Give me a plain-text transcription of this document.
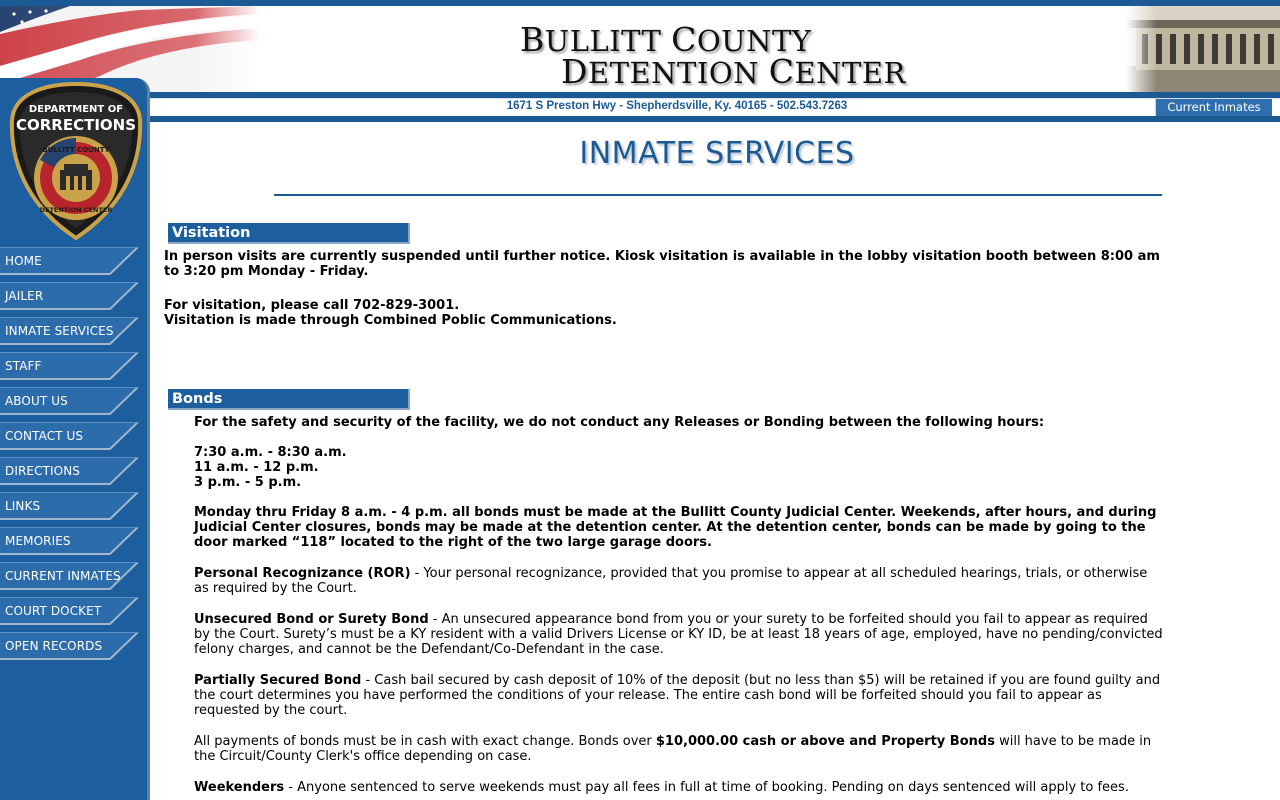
BULLITT COUNTY
DETENTION CENTER
1671 S Preston Hwy - Shepherdsville, Ky. 40165 - 502.543.7263	Current Inmates
DEPARTMENT OF
CORRECTIONS
BULLITT COUNTY
DETENTION CENTER
HOME
JAILER
INMATE SERVICES
STAFF
ABOUT US
CONTACT US
DIRECTIONS
LINKS
MEMORIES
CURRENT INMATES
COURT DOCKET
OPEN RECORDS
INMATE SERVICES
Visitation
In person visits are currently suspended until further notice. Kiosk visitation is available in the lobby visitation booth between 8:00 am to 3:20 pm Monday - Friday.
For visitation, please call 702-829-3001.
Visitation is made through Combined Poblic Communications.
Bonds
For the safety and security of the facility, we do not conduct any Releases or Bonding between the following hours:
7:30 a.m. - 8:30 a.m.
11 a.m. - 12 p.m.
3 p.m. - 5 p.m.
Monday thru Friday 8 a.m. - 4 p.m. all bonds must be made at the Bullitt County Judicial Center. Weekends, after hours, and during Judicial Center closures, bonds may be made at the detention center. At the detention center, bonds can be made by going to the door marked “118” located to the right of the two large garage doors.
Personal Recognizance (ROR) - Your personal recognizance, provided that you promise to appear at all scheduled hearings, trials, or otherwise as required by the Court.
Unsecured Bond or Surety Bond - An unsecured appearance bond from you or your surety to be forfeited should you fail to appear as required by the Court. Surety’s must be a KY resident with a valid Drivers License or KY ID, be at least 18 years of age, employed, have no pending/convicted felony charges, and cannot be the Defendant/Co-Defendant in the case.
Partially Secured Bond - Cash bail secured by cash deposit of 10% of the deposit (but no less than $5) will be retained if you are found guilty and the court determines you have performed the conditions of your release. The entire cash bond will be forfeited should you fail to appear as requested by the court.
All payments of bonds must be in cash with exact change. Bonds over $10,000.00 cash or above and Property Bonds will have to be made in the Circuit/County Clerk's office depending on case.
Weekenders - Anyone sentenced to serve weekends must pay all fees in full at time of booking. Pending on days sentenced will apply to fees.
